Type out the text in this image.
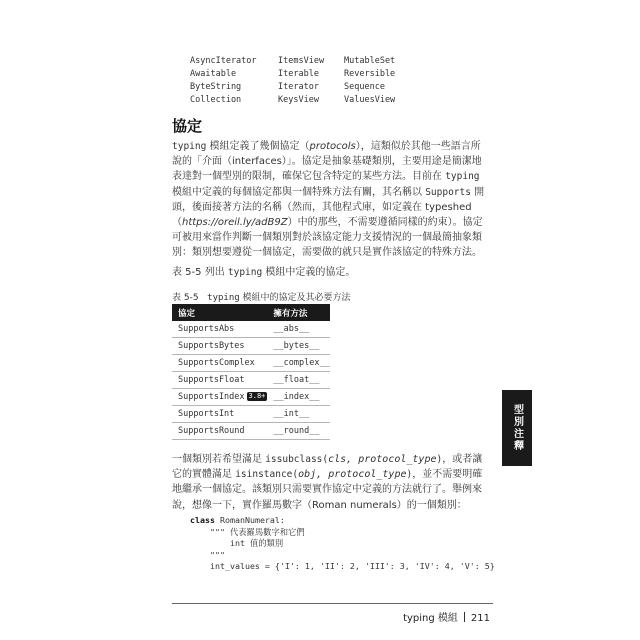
AsyncIterator	ItemsView	MutableSet
Awaitable	Iterable	Reversible
ByteString	Iterator	Sequence
Collection	KeysView	ValuesView
協定

typing 模組定義了幾個協定（protocols），這類似於其他一些語言所說的「介面（interfaces）」。協定是抽象基礎類別，主要用途是簡潔地表達對一個型別的限制，確保它包含特定的某些方法。目前在 typing 模組中定義的每個協定都與一個特殊方法有關，其名稱以 Supports 開頭，後面接著方法的名稱（然而，其他程式庫，如定義在 typeshed（https://oreil.ly/adB9Z）中的那些，不需要遵循同樣的約束）。協定可被用來當作判斷一個類別對於該協定能力支援情況的一個最簡抽象類別：類別想要遵從一個協定，需要做的就只是實作該協定的特殊方法。

表 5-5 列出 typing 模組中定義的協定。

表 5-5 typing 模組中的協定及其必要方法

協定	擁有方法
SupportsAbs	__abs__
SupportsBytes	__bytes__
SupportsComplex	__complex__
SupportsFloat	__float__
SupportsIndex 3.8+	__index__
SupportsInt	__int__
SupportsRound	__round__

一個類別若希望滿足 issubclass(cls, protocol_type)，或者讓它的實體滿足 isinstance(obj, protocol_type)，並不需要明確地繼承一個協定。該類別只需要實作協定中定義的方法就行了。舉例來說，想像一下，實作羅馬數字（Roman numerals）的一個類別：

class RomanNumeral:
""" 代表羅馬數字和它們
int 值的類別
"""
int_values = {'I': 1, 'II': 2, 'III': 3, 'IV': 4, 'V': 5}
型別注釋
typing 模組 211
